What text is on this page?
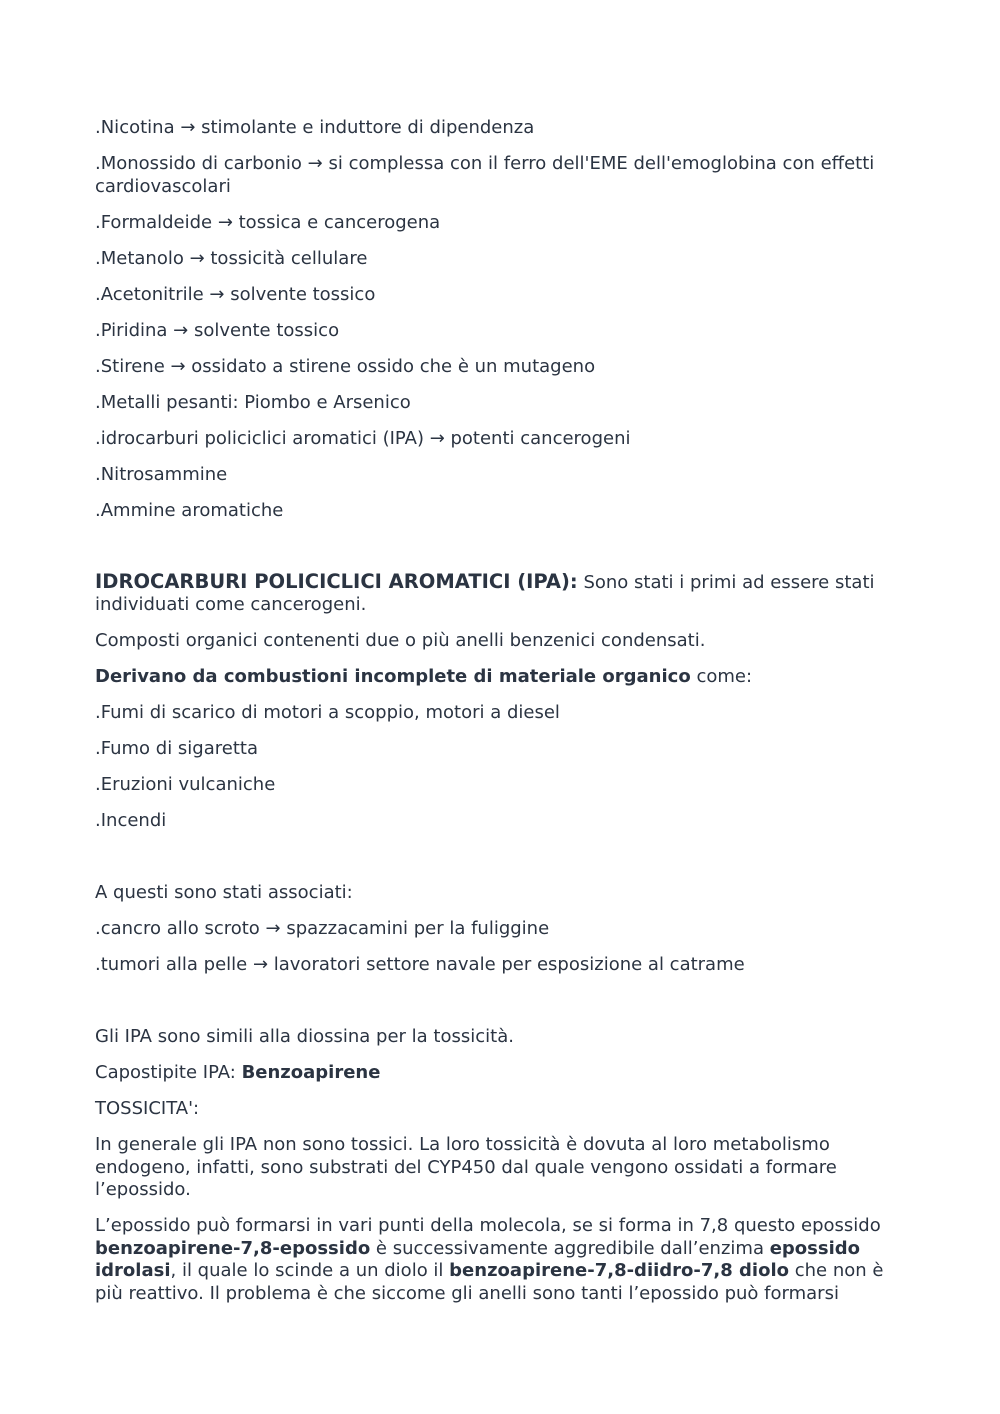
.Nicotina → stimolante e induttore di dipendenza

.Monossido di carbonio → si complessa con il ferro dell'EME dell'emoglobina con effetti cardiovascolari

.Formaldeide → tossica e cancerogena

.Metanolo → tossicità cellulare

.Acetonitrile → solvente tossico

.Piridina → solvente tossico

.Stirene → ossidato a stirene ossido che è un mutageno

.Metalli pesanti: Piombo e Arsenico

.idrocarburi policiclici aromatici (IPA) → potenti cancerogeni

.Nitrosammine

.Ammine aromatiche

IDROCARBURI POLICICLICI AROMATICI (IPA): Sono stati i primi ad essere stati individuati come cancerogeni.

Composti organici contenenti due o più anelli benzenici condensati.

Derivano da combustioni incomplete di materiale organico come:

.Fumi di scarico di motori a scoppio, motori a diesel

.Fumo di sigaretta

.Eruzioni vulcaniche

.Incendi

A questi sono stati associati:

.cancro allo scroto → spazzacamini per la fuliggine

.tumori alla pelle → lavoratori settore navale per esposizione al catrame

Gli IPA sono simili alla diossina per la tossicità.

Capostipite IPA: Benzoapirene

TOSSICITA':

In generale gli IPA non sono tossici. La loro tossicità è dovuta al loro metabolismo endogeno, infatti, sono substrati del CYP450 dal quale vengono ossidati a formare l’epossido.

L’epossido può formarsi in vari punti della molecola, se si forma in 7,8 questo epossido benzoapirene-7,8-epossido è successivamente aggredibile dall’enzima epossido idrolasi, il quale lo scinde a un diolo il benzoapirene-7,8-diidro-7,8 diolo che non è più reattivo. Il problema è che siccome gli anelli sono tanti l’epossido può formarsi
